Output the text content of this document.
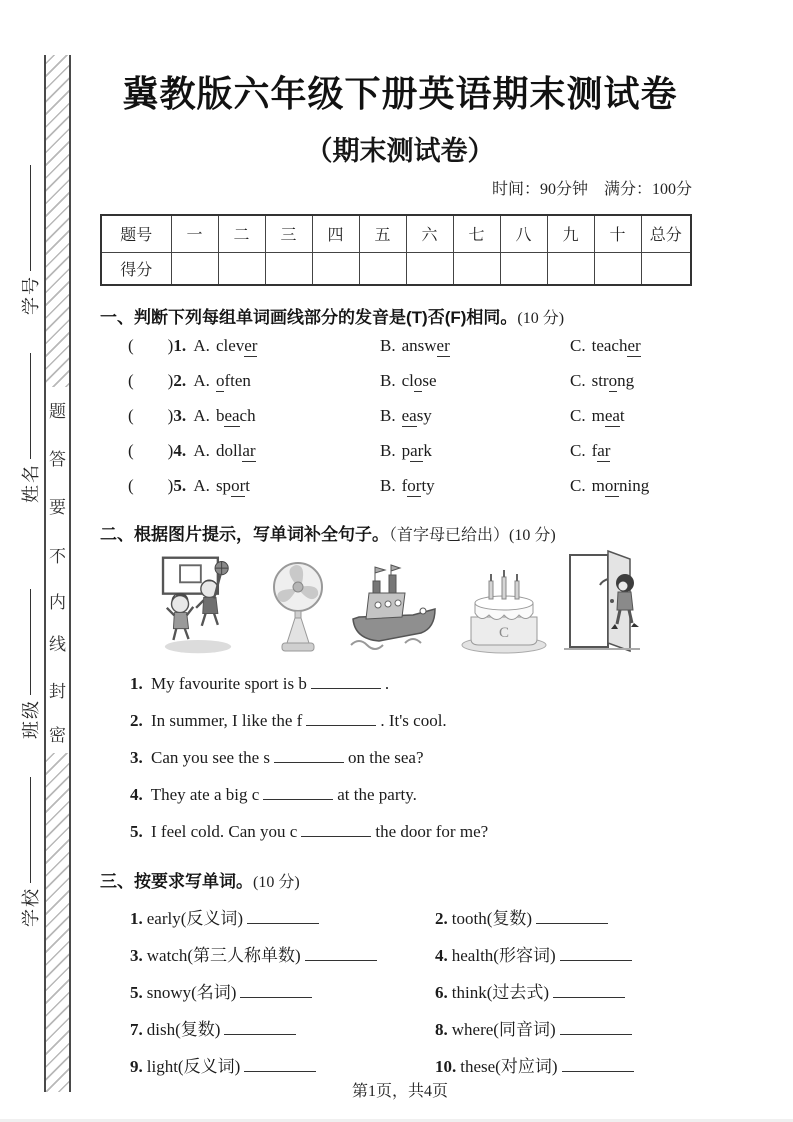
学号
姓名
班级
学校
题
答
要
不
内
线
封
密
冀教版六年级下册英语期末测试卷
（期末测试卷）
时间：90分钟　满分：100分
题号	一	二	三	四	五	六	七	八	九	十	总分
得分											
一、判断下列每组单词画线部分的发音是(T)否(F)相同。(10 分)
( )1. A. clever	B. answer	C. teacher
( )2. A. often	B. close	C. strong
( )3. A. beach	B. easy	C. meat
( )4. A. dollar	B. park	C. far
( )5. A. sport	B. forty	C. morning
二、根据图片提示，写单词补全句子。（首字母已给出）(10 分)
C
1. My favourite sport is b	.
2. In summer, I like the f	. It's cool.
3. Can you see the s	on the sea?
4. They ate a big c	at the party.
5. I feel cold. Can you c	the door for me?
三、按要求写单词。(10 分)
1. early(反义词)	2. tooth(复数)
3. watch(第三人称单数)	4. health(形容词)
5. snowy(名词)	6. think(过去式)
7. dish(复数)	8. where(同音词)
9. light(反义词)	10. these(对应词)
第1页，共4页
